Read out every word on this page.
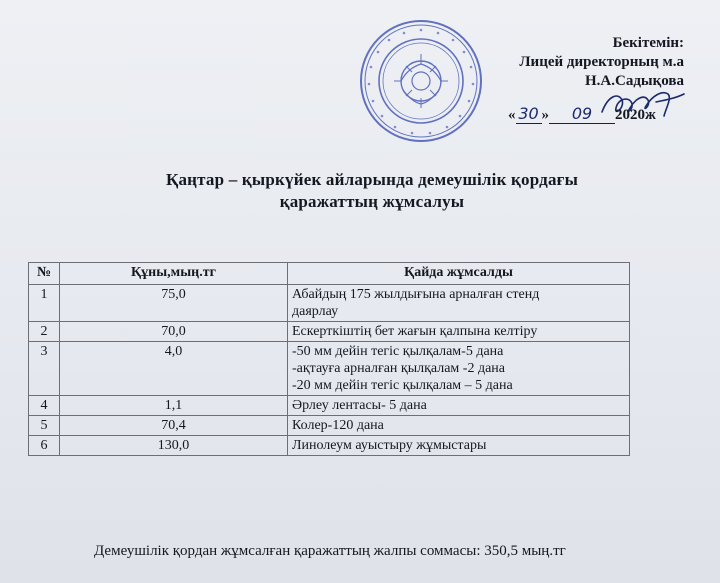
Бекітемін:
Лицей директорның м.а
Н.А.Садықова
« 30 » 09 2020ж
Қаңтар – қыркүйек айларында демеушілік қордағы
қаражаттың жұмсалуы
№	Құны,мың.тг	Қайда жұмсалды
1	75,0	Абайдың 175 жылдығына арналған стенд
даярлау

2	70,0	Ескерткіштің бет жағын қалпына келтіру

3	4,0	-50 мм дейін тегіс қылқалам-5 дана
-ақтауға арналған қылқалам -2 дана
-20 мм дейін тегіс қылқалам – 5 дана

4	1,1	Әрлеу лентасы- 5 дана

5	70,4	Колер-120 дана

6	130,0	Линолеум ауыстыру жұмыстары
Демеушілік қордан жұмсалған қаражаттың жалпы соммасы: 350,5 мың.тг
